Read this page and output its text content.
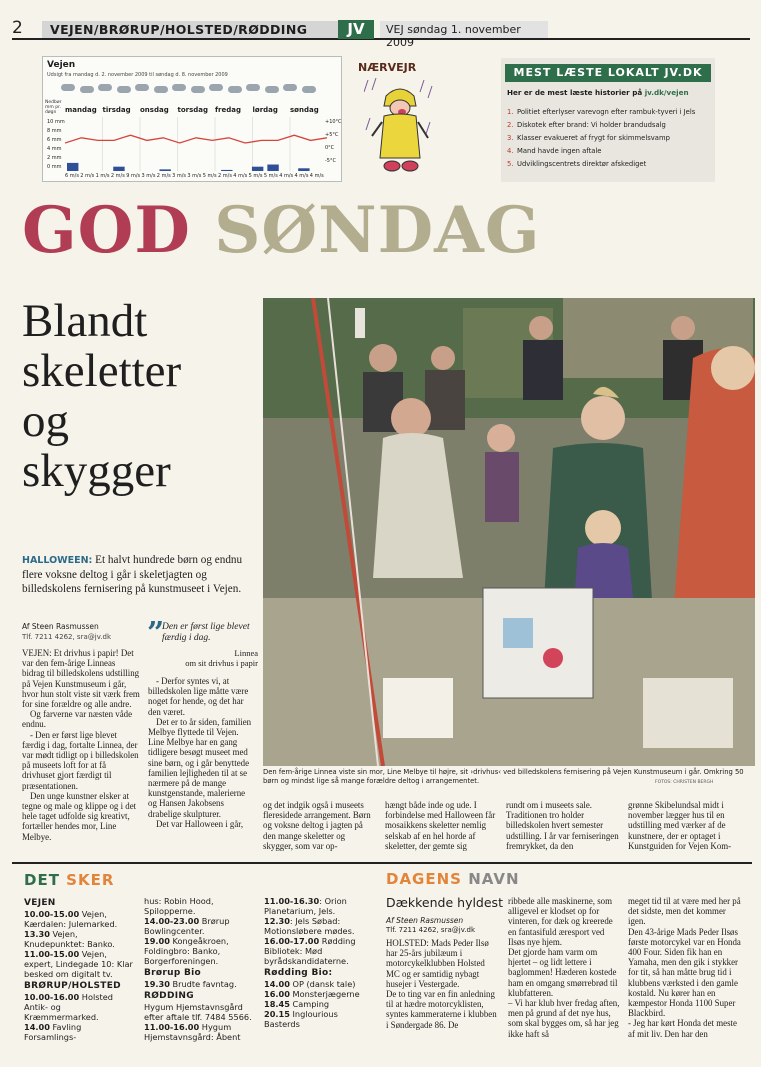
2	VEJEN/BRØRUP/HOLSTED/RØDDING	JV	VEJ søndag 1. november 2009
Vejen
Udsigt fra mandag d. 2. november 2009 til søndag d. 8. november 2009
Nedbør mm pr. døgn	mandag tirsdag onsdag torsdag fredag lørdag søndag
10 mm
8 mm
6 mm
4 mm
2 mm
0 mm
+10°C
+5°C
0°C
-5°C
6 m/s 2 m/s 1 m/s 2 m/s 9 m/s 3 m/s 2 m/s 3 m/s 3 m/s 5 m/s 2 m/s 4 m/s 5 m/s 5 m/s 4 m/s 4 m/s 4 m/s
NÆRVEJR	MEST LÆSTE LOKALT JV.DK
Her er de mest læste historier på jv.dk/vejen
1. Politiet efterlyser varevogn efter rambuk-tyveri i Jels
2. Diskotek efter brand: Vi holder brandudsalg
3. Klasser evakueret af frygt for skimmelsvamp
4. Mand havde ingen aftale
5. Udviklingscentrets direktør afskediget
GOD SØNDAG
Blandt
skeletter
og
skygger
HALLOWEEN: Et halvt hundrede børn og endnu flere voksne deltog i går i skeletjagten og billedskolens fernisering på kunstmuseet i Vejen.
Den fem-årige Linnea viste sin mor, Line Melbye til højre, sit ›drivhus‹ ved billedskolens fernisering på Vejen Kunstmuseum i går. Omkring 50 børn og mindst lige så mange forældre deltog i arrangementet.	FOTOS: CHRISTEN BERGH
Af Steen Rasmussen
Tlf. 7211 4262, sra@jv.dk ”
Den er først lige blevet færdig i dag.
Linnea
om sit drivhus i papir

VEJEN: Et drivhus i papir! Det var den fem-årige Linneas bidrag til billedskolens udstilling på Vejen Kunstmuseum i går, hvor hun stolt viste sit værk frem for sine forældre og alle andre.

Og farverne var næsten våde endnu.

- Den er først lige blevet færdig i dag, fortalte Linnea, der var mødt tidligt op i billedskolen på museets loft for at få drivhuset gjort færdigt til præsentationen.

Den unge kunstner elsker at tegne og male og klippe og i det hele taget udfolde sig kreativt, fortæller hendes mor, Line Melbye.

- Derfor syntes vi, at billedskolen lige måtte være noget for hende, og det har den været.

Det er to år siden, familien Melbye flyttede til Vejen. Line Melbye har en gang tidligere besøgt museet med sine børn, og i går benyttede familien lejligheden til at se nærmere på de mange kunstgenstande, malerierne og Hansen Jakobsens drabelige skulpturer.

Det var Halloween i går,

og det indgik også i museets fleresidede arrangement. Børn og voksne deltog i jagten på den mange skeletter og skygger, som var op-

hængt både inde og ude. I forbindelse med Halloween får mosaikkens skeletter nemlig selskab af en hel horde af skeletter, der gemte sig

rundt om i museets sale. Traditionen tro holder billedskolen hvert semester udstilling. I år var ferniseringen fremrykket, da den

grønne Skibelundsal midt i november lægger hus til en udstilling med værker af de kunstnere, der er optaget i Kunstguiden for Vejen Kom-

DET SKER
VEJEN
10.00-15.00 Vejen, Kærdalen: Julemarked.
13.30 Vejen, Knudepunktet: Banko.
11.00-15.00 Vejen, expert, Lindegade 10: Klar besked om digitalt tv.
BRØRUP/HOLSTED
10.00-16.00 Holsted Antik- og Kræmmermarked.
14.00 Favling Forsamlings-
hus: Robin Hood, Spilopperne.
14.00-23.00 Brørup Bowlingcenter.
19.00 Kongeåkroen, Foldingbro: Banko, Borgerforeningen.
Brørup Bio
19.30 Brudte favntag.
RØDDING
Hygum Hjemstavnsgård efter aftale tlf. 7484 5566.
11.00-16.00 Hygum Hjemstavnsgård: Åbent
11.00-16.30: Orion Planetarium, Jels.
12.30: Jels Søbad: Motionsløbere mødes.
16.00-17.00 Rødding Bibliotek: Mød byrådskandidaterne.
Rødding Bio:
14.00 OP (dansk tale)
16.00 Monsterjægerne
18.45 Camping
20.15 Inglourious Basterds
DAGENS NAVN
Dækkende hyldest
Af Steen Rasmussen
Tlf. 7211 4262, sra@jv.dk
HOLSTED: Mads Peder Ilsø har 25-års jubilæum i motorcykelklubben Holsted MC og er samtidig nybagt husejer i Vestergade.
De to ting var en fin anledning til at hædre motorcyklisten, syntes kammeraterne i klubben i Søndergade 86. De
ribbede alle maskinerne, som alligevel er klodset op for vinteren, for dæk og kreerede en fantasifuld æresport ved Ilsøs nye hjem.
Det gjorde ham varm om hjertet – og lidt lettere i baglommen! Hæderen kostede ham en omgang smørrebrød til klubfatteren.
– Vi har klub hver fredag aften, men på grund af det nye hus, som skal bygges om, så har jeg ikke haft så
meget tid til at være med her på det sidste, men det kommer igen.
Den 43-årige Mads Peder Ilsøs første motorcykel var en Honda 400 Four. Siden fik han en Yamaha, men den gik i stykker for tit, så han måtte brug tid i klubbens værksted i den gamle kostald. Nu kører han en kæmpestor Honda 1100 Super Blackbird.
- Jeg har kørt Honda det meste af mit liv. Den har den
